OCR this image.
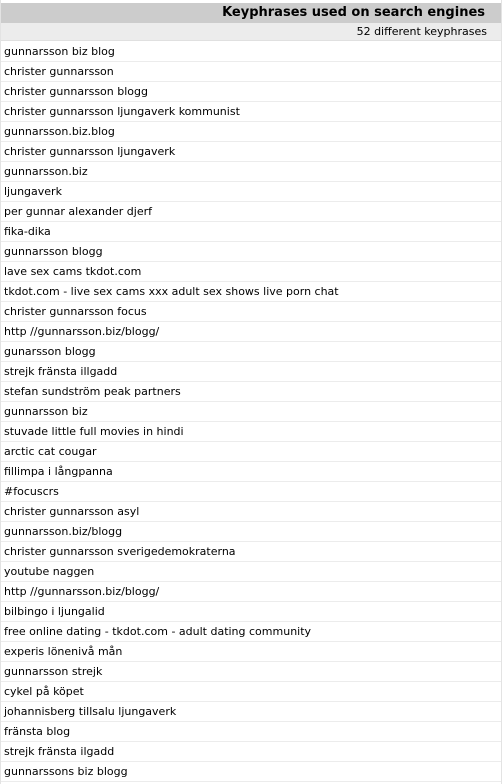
Keyphrases used on search engines
52 different keyphrases
gunnarsson biz blog
christer gunnarsson
christer gunnarsson blogg
christer gunnarsson ljungaverk kommunist
gunnarsson.biz.blog
christer gunnarsson ljungaverk
gunnarsson.biz
ljungaverk
per gunnar alexander djerf
fika-dika
gunnarsson blogg
lave sex cams tkdot.com
tkdot.com - live sex cams xxx adult sex shows live porn chat
christer gunnarsson focus
http //gunnarsson.biz/blogg/
gunarsson blogg
strejk fränsta illgadd
stefan sundström peak partners
gunnarsson biz
stuvade little full movies in hindi
arctic cat cougar
fillimpa i långpanna
#focuscrs
christer gunnarsson asyl
gunnarsson.biz/blogg
christer gunnarsson sverigedemokraterna
youtube naggen
http //gunnarsson.biz/blogg/
bilbingo i ljungalid
free online dating - tkdot.com - adult dating community
experis lönenivå mån
gunnarsson strejk
cykel på köpet
johannisberg tillsalu ljungaverk
fränsta blog
strejk fränsta ilgadd
gunnarssons biz blogg
